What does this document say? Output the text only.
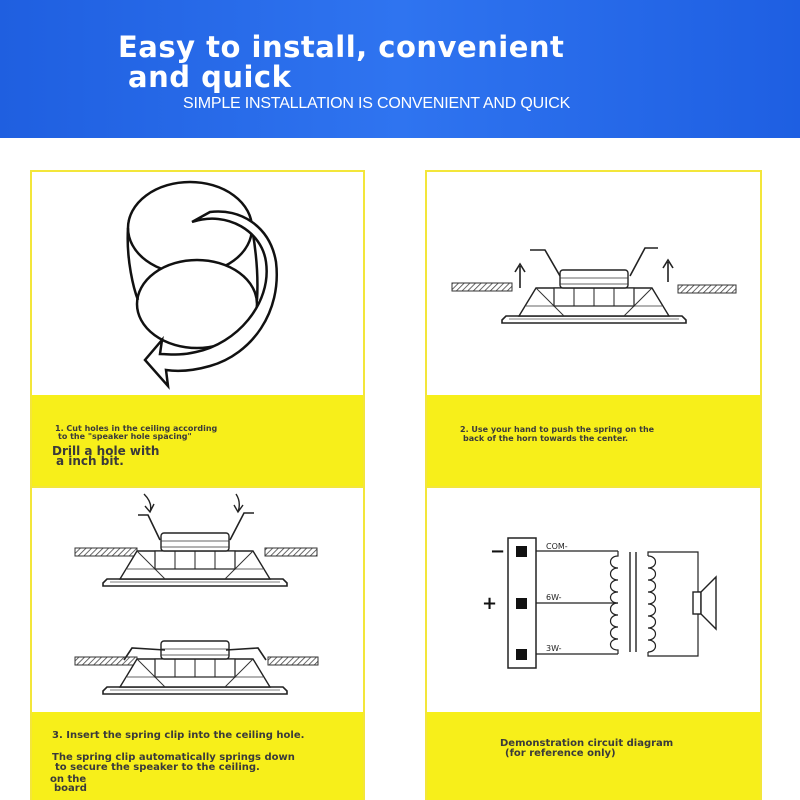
Easy to install, convenient
and quick
SIMPLE INSTALLATION IS CONVENIENT AND QUICK
1. Cut holes in the ceiling according
to the "speaker hole spacing"
Drill a hole with
a inch bit.
2. Use your hand to push the spring on the
back of the horn towards the center.
3. Insert the spring clip into the ceiling hole.
The spring clip automatically springs down
to secure the speaker to the ceiling.
on the
board
Demonstration circuit diagram
(for reference only)
−
+
COM-
6W-
3W-
